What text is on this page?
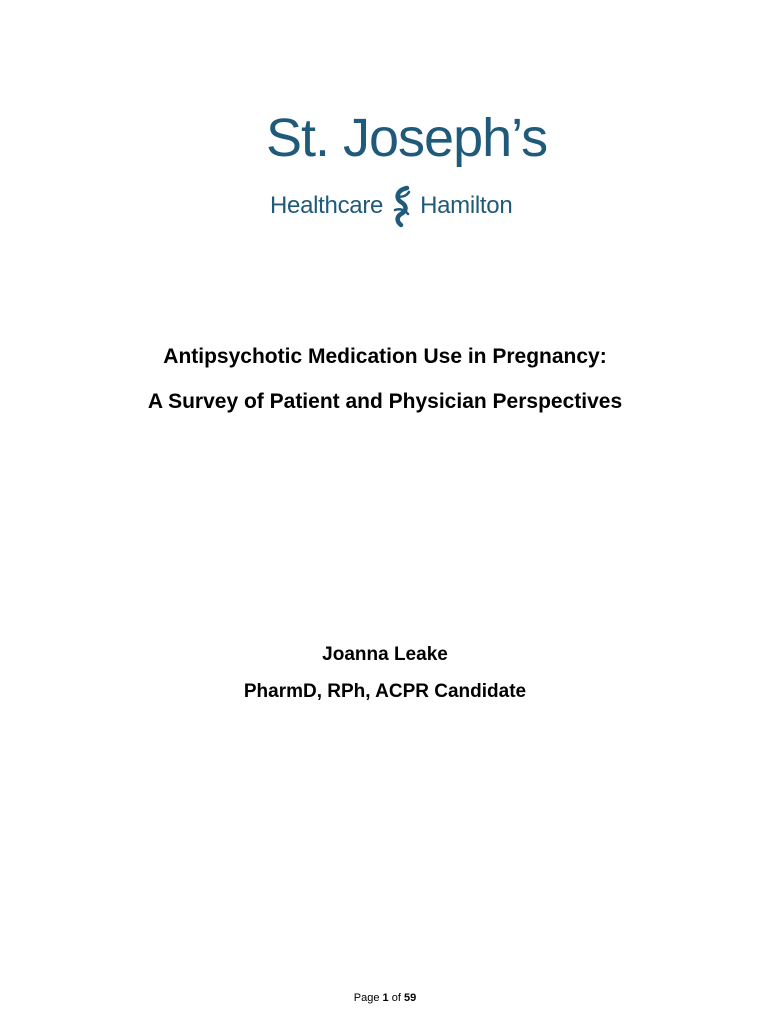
St. Joseph’s
Healthcare Hamilton
Antipsychotic Medication Use in Pregnancy:
A Survey of Patient and Physician Perspectives
Joanna Leake
PharmD, RPh, ACPR Candidate
Page 1 of 59
